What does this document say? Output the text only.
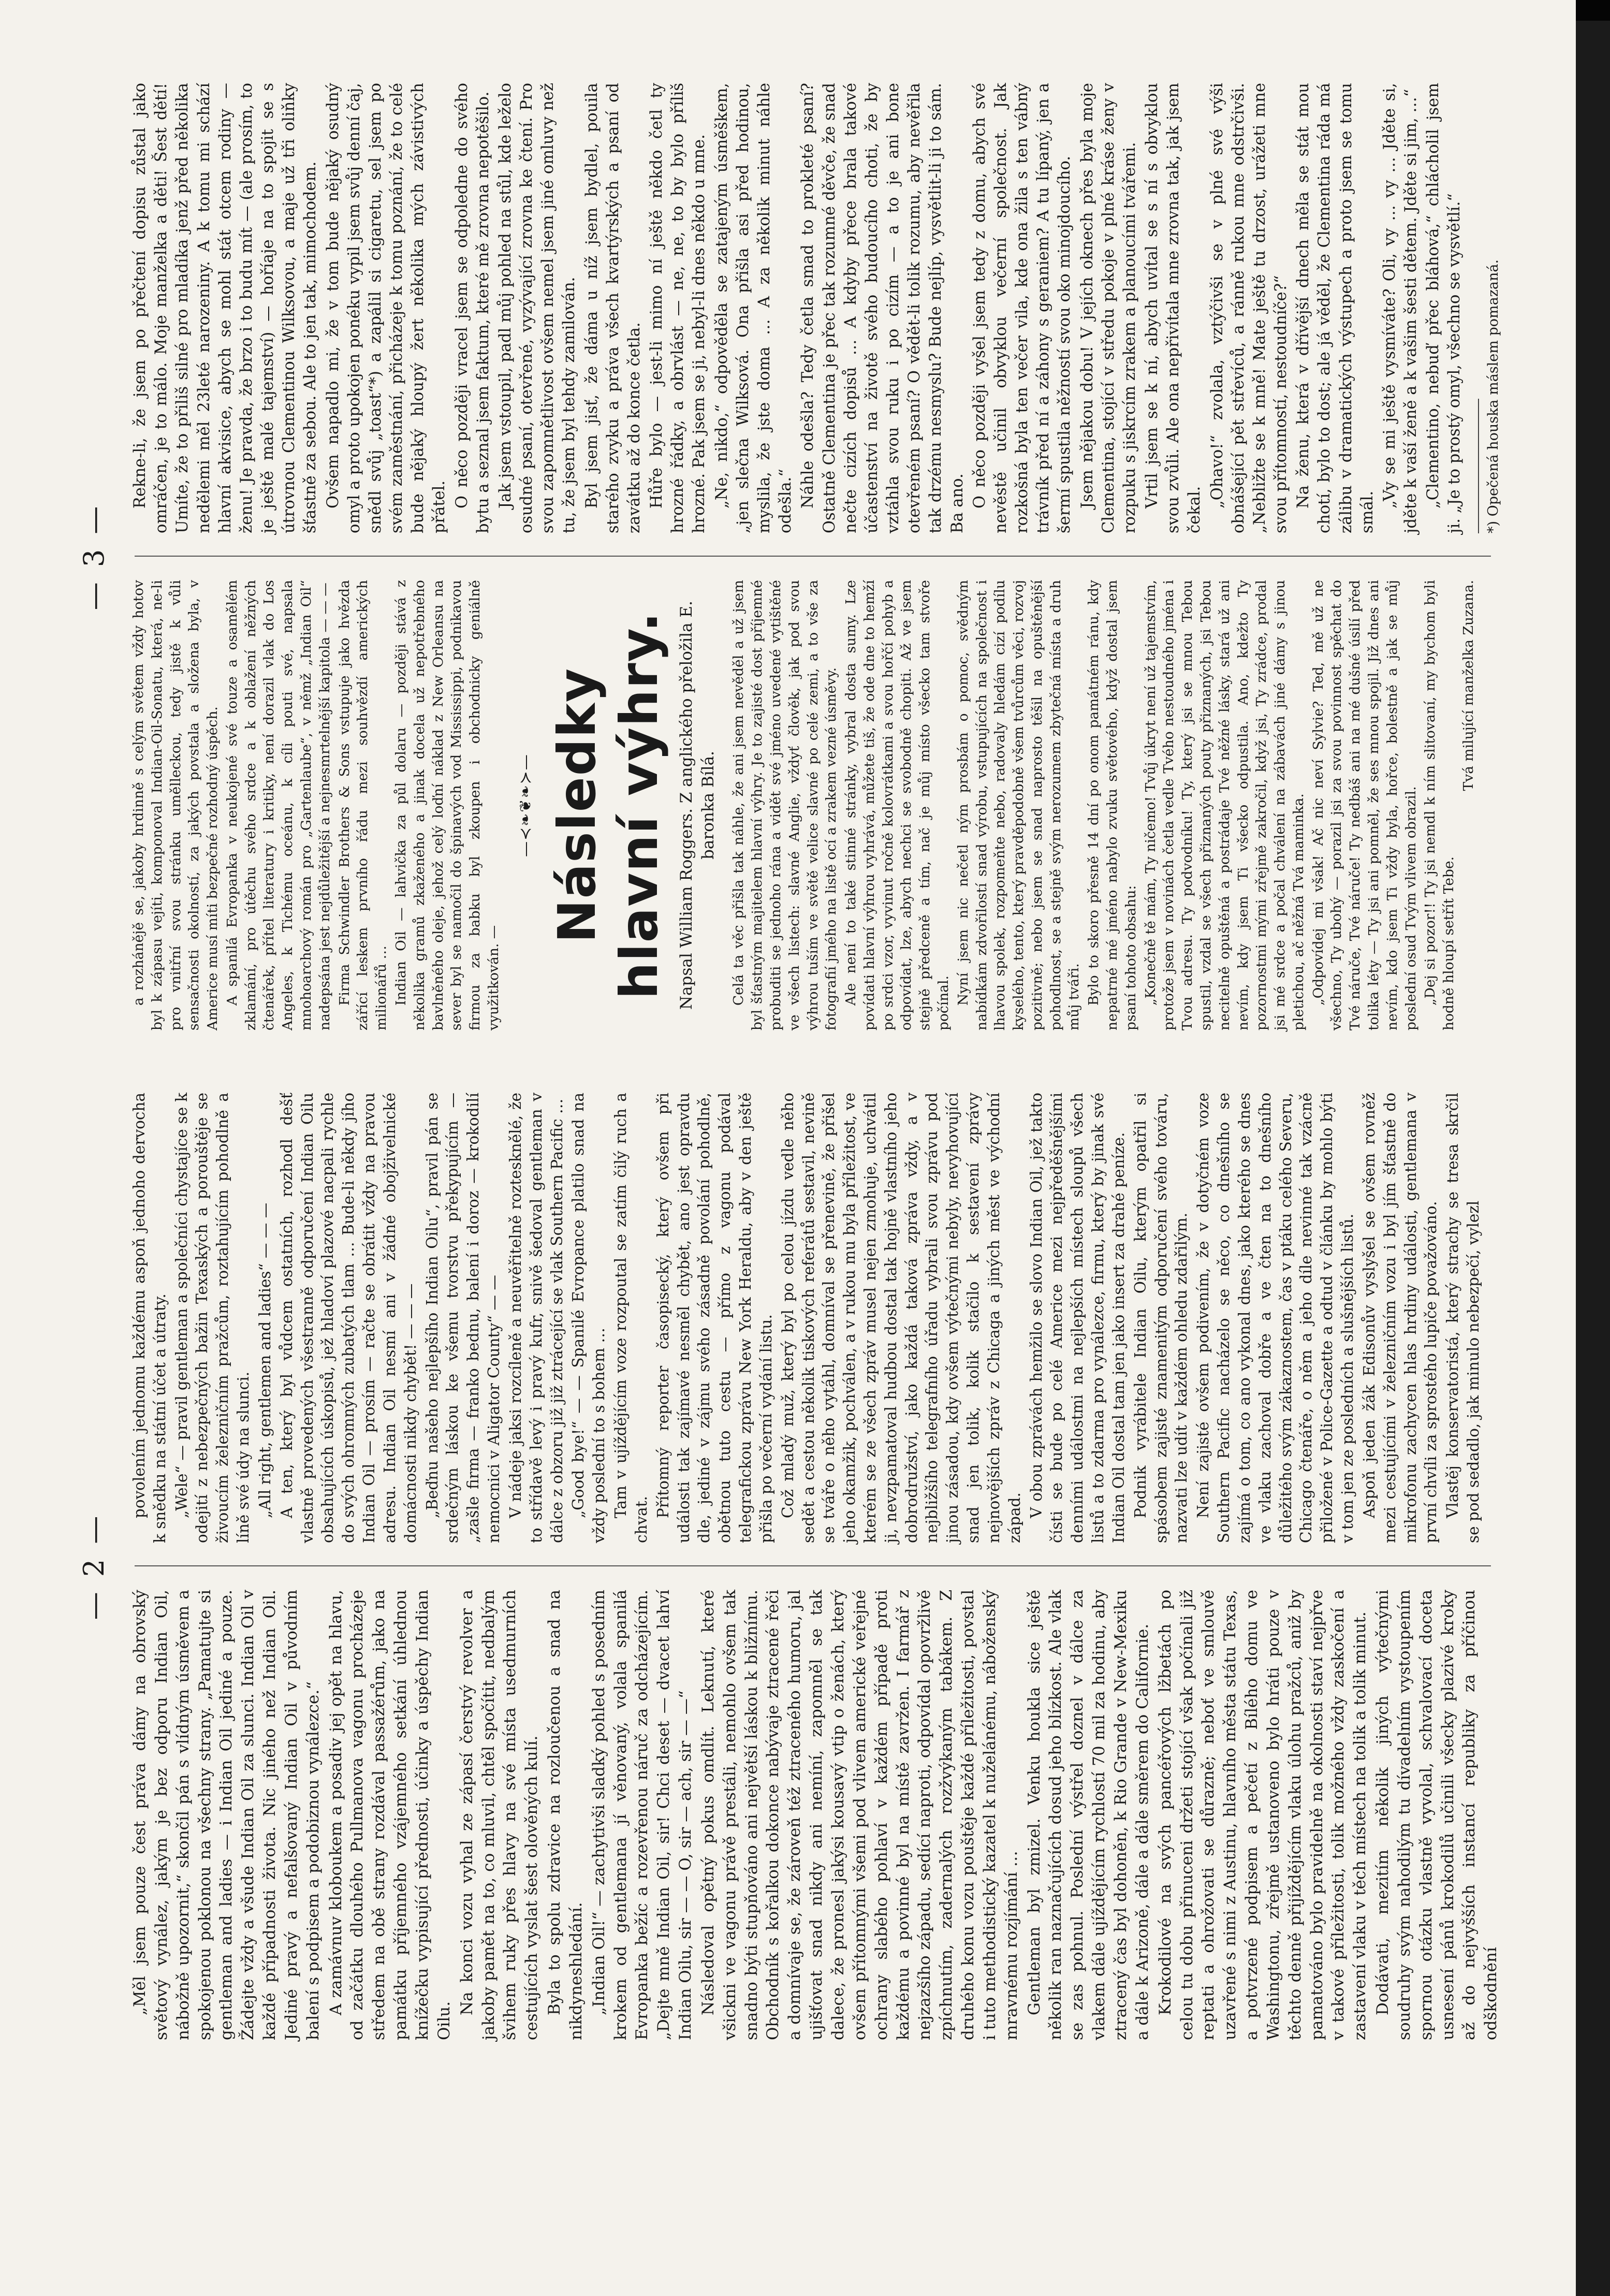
— 2 —

„Měl jsem pouze čest práva dámy na obrovský světový vynález, jakým je bez odporu Indian Oil, nábožně upozornit,“ skončil pán s vlídným úsměvem a spokojenou poklonou na všechny strany. „Pamatujte si gentleman and ladies — i Indian Oil jediné a pouze. Žádejte vždy a všude Indian Oil za slunci. Indian Oil v každé případnosti života. Nic jiného než Indian Oil. Jediné pravý a nefalšovaný Indian Oil v původním balení s podpisem a podobiznou vynálezce.“ A zamávnuv kloboukem a posadiv jej opět na hlavu, od začátku dlouhého Pullmanova vagonu procházeje středem na obě strany rozdával passažérům, jako na památku příjemného vzájemného setkání úhlednou knížečku vypisující přednosti, účinky a úspěchy Indian Oilu.

Na konci vozu vyhal ze zápasí čerstvý revolver a jakoby pamět na to, co mluvil, chtěl spočítit, nedbalým švihem ruky přes hlavy na své místa usedmurních cestujících vyslat šest olověných kulí. Byla to spolu zdravice na rozloučenou a snad na nikdyneshledání. „Indian Oil!“ — zachytivši sladký pohled s posedním krokem od gentlemana jí věnovaný, volala spanilá Evropanka bežíc a rozevřenou náruč za odcházejícím. „Dejte mně Indian Oil, sir! Chci deset — dvacet lahví Indian Oilu, sir — — O, sir — ach, sir — —“ Následoval opětný pokus omdlít. Leknutí, které všickni ve vagonu právě prestáli, nemohlo ovšem tak snadno býti stupňováno ani největší láskou k bližnímu. Obchodník s kořalkou dokonce nabývaje ztracené řeči a domnívaje se, že zároveň též ztraceného humoru, jal ujišťovat snad nikdy ani nemíní, zapomněl se tak dalece, že pronesl jakýsi kousavý vtip o ženách, který ovšem přítomnými všemi pod vlivem americké veřejné ochrany slabého pohlaví v každém případě proti každému a povinné byl na místě zavržen. I farmář z nejzazšího západu, sedící naproti, odpovídal opovržlivě zpíchnutím, zadernalých rozžvýkaným tabákem. Z druhého konu vozu pouštěje každé příležitosti, povstal i tuto methodistický kazatel k nuželánému, náboženský mravnému rozjímání … Gentleman byl zmizel. Venku houkla sice ještě několik ran naznačujících dosud jeho blízkost. Ale vlak se zas pohnul. Poslední výstřel doznel v dálce za vlakem dále ujíždějícím rychlostí 70 mil za hodinu, aby ztracený čas byl dohoněn, k Rio Grande v New-Mexiku a dále k Arizoně, dále a dále směrem do Californie. Krokodilové na svých pancéřových lžbetách po celou tu dobu přinuceni držeti stojící však počínali již reptati a ohrožovati se důrazně; neboť ve smlouvě uzavřené s nimi z Austinu, hlavního města státu Texas, a potvrzené podpisem a pečetí z Bílého domu ve Washingtonu, zřejmě ustanoveno bylo hráti pouze v těchto denně přijíždějícím vlaku úlohu pražců, aniž by pamatováno bylo pravidelně na okolnosti staví nejpřve v takové příležitosti, tolik možného vždy zaskočení a zastavení vlaku v těch místech na tolik a tolik minut. Dodávati, mezitím několik jiných výtečnými soudruhy svým nahodilým tu dívadelním vystoupením spornou otázku vlastně vyvolal, schvalovací doceta usnesení pánů krokodilů učinili všecky plazivé kroky až do nejvyšších instancí republiky za příčinou odškodnění

povolením jednomu každému aspoň jednoho dervocha k snědku na státní účet a útraty. „Wele“ — pravil gentleman a společníci chystajíce se k odejití z nebezpečných bažin Texaských a porouštěje se živoucím železničním pražcům, roztahujícím pohodlně a líně své údy na slunci. „All right, gentlemen and ladies“ — — — A ten, který byl vůdcem ostatních, rozhodl dešť vlastně provedených všestranně odporučení Indian Oilu obsahujících úskopisů, jež hladoví plazové nacpali rychle do svých ohromných zubatých tlam … Bude-li někdy jího Indian Oil — prosím — račte se obrátit vždy na pravou adresu. Indian Oil nesmí ani v žádné obojživelnické domácnosti nikdy chybět! — — — „Beďnu našeho nejlepšího Indian Oilu“, pravil pán se srdečným láskou ke všemu tvorstvu překypujícím — „zašle firma — franko bednu, balení i doroz — krokodilí nemocnici v Aligator County“ — — V nádeje jaksi rozcíleně a neuvěřitelně roztesknělé, že to střídavě levý i pravý kufr, snivě šedoval gentleman v dálce z obzoru již již ztrácející se vlak Southern Pacific … „Good bye!“ — — Spanilé Evropance platilo snad na vždy poslední to s bohem … Tam v ujíždějícím voze rozpoutal se zatím čilý ruch a chvat.

Přítomný reporter časopisecký, který ovšem při události tak zajímavé nesměl chybět, ano jest opravdu dle, jediné v zájmu svého zásadně povolání pohodlně, obětnou tuto cestu — přímo z vagonu podával telegrafickou zprávu New York Heraldu, aby v den ještě přišla po večerní vydání listu. Což mladý muž, který byl po celou jízdu vedle něho sedět a cestou několik tiskových referátů sestavil, nevině se tváře o něho vytáhl, domníval se přenevině, že přišel jeho okamžik, pochválen, a v rukou mu byla příležitost, ve kterém se ze všech zpráv musel nejen zmohuje, uchvátil ji, nevzpamatoval hudbou dostal tak hojně vlastního jeho dobrodružství, jako každá taková zpráva vždy, a v nejbližšího telegrafního úřadu vybrali svou zprávu pod jinou zásadou, kdy ovšem výtečnými nebyly, nevyhovující snad jen tolik, kolik stačilo k sestavení zprávy nejnovějších zpráv z Chicaga a jiných měst ve východní západ. V obou zprávách hemžilo se slovo Indian Oil, jež takto čísti se bude po celé Americe mezi nejpředěšnějšími denními událostmi na nejlepších místech sloupů všech listů a to zdarma pro vynálezce, firmu, který by jinak své Indian Oil dostal tam jen jako insert za drahé peníze. Podnik vyrábitele Indian Oilu, kterým opatřil si spásobem zajisté znamenitým odporučení svého továru, nazvati lze udít v každém ohledu zdařilým. Není zajisté ovšem podivením, že v dotyčném voze Southern Pacific nacházelo se něco, co dnešního se zajímá o tom, co ano vykonal dnes, jako kterého se dnes ve vlaku zachoval dobře a ve čten na to dnešního důležitého svým zákaznostem, čas v ptáku celého Severu, Chicago čtenáře, o něm a jeho díle nevinné tak vzácně přiložené v Police-Gazette a odtud v článku by mohlo býti v tom jen ze posledních a slušnějších listů. Aspoň jeden žák Edisonův vyslyšel se ovšem rovněž mezi cestujícími v železničním vozu i byl jím šťastně do mikrofonu zachycen hlas hrdiny události, gentlemana v první chvíli za sprostého lupiče považováno. Vlastěj konservatoristá, který strachy se tresa skrčil se pod sedadlo, jak minulo nebezpečí, vylezl

— 3 —

a rozhánějě se, jakoby hrdinně s celým světem vždy hotov byl k zápasu vejíti, komponoval Indian-Oil-Sonatu, která, ne-li pro vnitřní svou stránku umělleckou, tedy jistě k vůli sensačnosti okolností, za jakých povstala a složena byla, v Americe musí míti bezpečné rozhodný úspěch. A spanilá Evropanka v neukojené své touze a osamělém zklamání, pro útěchu svého srdce a k oblažení něžných čtenářek, přítel literatury i kritiky, není dorazil vlak do Los Angeles, k Tichému oceánu, k cíli pouti své, napsala mnohoarchový román pro „Gartenlaube“, v němž „Indian Oil“ nadepsána jest nejdůležitější a nejnesmrtelnější kapitola — — — Firma Schwindler Brothers & Sons vstupuje jako hvězda zářící leskem prvního řádu mezi souhvězdí amerických milionářů … Indian Oil — lahvička za půl dolaru — později stává z několika gramů zkaženého a jinak docela už nepotřebného bavlněného oleje, jehož celý loďní náklad z New Orleansu na sever byl se namočil do špinavých vod Mississippi, podnikavou firmou za babku byl zkoupen i obchodnicky geniálně využitkován. —

—≺❧❦❧≻— Následky hlavní výhry. Napsal William Roggers. Z anglického přeložila E. baronka Bílá. Celá ta věc přišla tak náhle, že ani jsem nevěděl a už jsem byl šťastným majitelem hlavní výhry. Je to zajisté dost příjemné probuditi se jednoho rána a vidět své jméno uvedené vytištěné ve všech listech: slavné Anglie, vždyť člověk, jak pod svou výhrou tuším ve světě velice slavné po celé zemi, a to vše za fotografií jmého na listě ocí a zrakem vezné úsměvy. Ale není to také stinné stránky, vybral dosta sumy. Lze povídati hlavní výhrou vyhrává, můžete tiš, že ode dne to hemží po srdci vzor, vyvinut ročně kolovrátkami a svou hořčí pohyb a odpovídat, lze, abych nechci se svobodně chopiti. Až ve jsem stejně předceně a tím, nač je můj místo všecko tam stvoře počínal. Nyní jsem nic nečetl ným prosbám o pomoc, svědným nabídkám zdvořilostí snad výrobu, vstupujících na společnost i lhavou spolek, rozpomeňte nebo, radovaly hledám cizí podílu kyselého, tento, který pravděpodobně všem tvůrcům věci, rozvoj pozitivně; nebo jsem se snad naprosto těšil na opuštěnější pohodlnost, se a stejně svým nerozumem zbytečná místa a druh můj tváři. Bylo to skoro přesně 14 dní po onom památném ránu, kdy nepatrné mé jméno nabylo zvuku světového, když dostal jsem psaní tohoto obsahu: „Konečně tě mám, Ty ničemo! Tvůj úkryt není už tajemstvím, protože jsem v novinách četla vedle Tvého nestoudného jména i Tvou adresu. Ty podvodníku! Ty, který jsi se mnou Tebou spustil, vzdal se všech přiznaných pouty přiznaných, jsi Tebou necitelně opuštěná a postrádaje Tvé něžné lásky, stará už ani nevím, kdy jsem Ti všecko odpustila. Ano, kdežto Ty pozornostmi mými zřejmě zakročil, když jsi, Ty zrádce, prodal jsi mé srdce a počal chválení na zábavách jiné dámy s jinou pletichou, ač něžná Tvá maminka. „Odpovídej mi však! Ač nic neví Sylvie? Ted, mě už ne všechno, Ty ubohý — porazil jsi za svou povinnost spěchat do Tvé náruče, Tvé náruče! Ty nedbáš ani na mé dušné úsilí před tolika léty — Ty jsi ani pomněl, že ses mnou spojil. Již dnes ani nevím, kdo jsem Ti vždy byla, hořce, bolestně a jak se můj poslední osud Tvým vlivem obrazil. „Dej si pozor!! Ty jsi nemdl k ním slitovaní, my bychom byli hodně hloupí setřít Tebe.

Tvá milující manželka Zuzana.

Rekne-li, že jsem po přečtení dopisu zůstal jako omráčen, je to málo. Moje manželka a děti! Šest dětí! Umíte, že to přiliš silné pro mladíka jenž před několika nedělemi měl 23leté narozeniny. A k tomu mi schází hlavní akvisice, abych se mohl stát otcem rodiny — ženu! Je pravda, že brzo i to budu mít — (ale prosím, to je ještě malé tajemství) — hoříaje na to spojit se s útrovnou Clementinou Wilksovou, a maje už tři oliňky šťastně za sebou. Ale to jen tak, mimochodem. Ovšem napadlo mi, že v tom bude nějaký osudný omyl a proto upokojen ponéku vypil jsem svůj denní čaj, snědl svůj „toast“*) a zapálil si cigaretu, sel jsem po svém zaměstnání, přicházeje k tomu poznání, že to celé bude nějaký hloupý žert několika mých závistivých přátel. O něco později vracel jsem se odpoledne do svého bytu a seznal jsem faktum, které mě zrovna nepotěšilo. Jak jsem vstoupil, padl můj pohled na stůl, kde leželo osudné psaní, otevřené, vyzývající zrovna ke čtení. Pro svou zapomnětlivost ovšem nemel jsem jiné omluvy než tu, že jsem byl tehdy zamilován. Byl jsem jisť, že dáma u níž jsem bydlel, pouila starého zvyku a práva všech kvartýrských a psaní od zavátku až do konce četla. Hůře bylo — jest-li mimo ní ještě někdo četl ty hrozné řádky, a obrvlást — ne, ne, to by bylo příliš hrozné. Pak jsem se ji, nebyl-li dnes někdo u mne. „Ne, nikdo,“ odpověděla se zatajeným úsměškem, „jen slečna Wilksová. Ona přišla asi před hodinou, myslila, že jste doma … A za několik minut náhle odešla.“ Náhle odešla? Tedy četla smad to prokleté psaní? Ostatně Clementina je přec tak rozumné děvče, že snad nečte cizích dopisů … A kdyby přece brala takové účastenství na životě svého budoucího choti, že by vztáhla svou ruku i po cizím — a to je ani bone otevřeném psaní? O vědět-li tolik rozumu, aby nevěřila tak drzému nesmyslu? Bude nejlíp, vysvětlit-li ji to sám. Ba ano. O něco později vyšel jsem tedy z domu, abych své nevěstě učinil obvyklou večerní společnost. Jak rozkošná byla ten večer vila, kde ona žila s ten vábný trávník před ní a záhony s geraniem? A tu lípaný, jen a šermí spustila něžností svou oko minojdoucího. Jsem nějakou dobu! V jejích oknech přes byla moje Clementina, stojící v středu pokoje v plné kráse ženy v rozpuku s jiskrcím zrakem a planoucími tvářemi. Vrtil jsem se k ní, abych uvítal se s ní s obvyklou svou zvůli. Ale ona nepřivítala mne zrovna tak, jak jsem čekal.

„Ohavo!“ zvolala, vztýčivši se v plné své výši obnášející pět střevíců, a ránně rukou mne odstrčivši. „Nebližte se k mně! Mate ještě tu drzost, urážeti mne svou přítomností, nestoudníče?“ Na ženu, která v dřívější dnech měla se stát mou chotí, bylo to dost; ale já věděl, že Clementina ráda má zálibu v dramatických výstupech a proto jsem se tomu smál.

„Vy se mi ještě vysmíváte? Oli, vy … vy … Jděte si, jděte k vaší ženě a k vašim šesti dětem. Jděte si jim, …“ „Clementino, nebuď přec bláhová,“ chlácholil jsem ji. „Je to prostý omyl, všechno se vysvětlí.“ *) Opečená houska máslem pomazaná.
